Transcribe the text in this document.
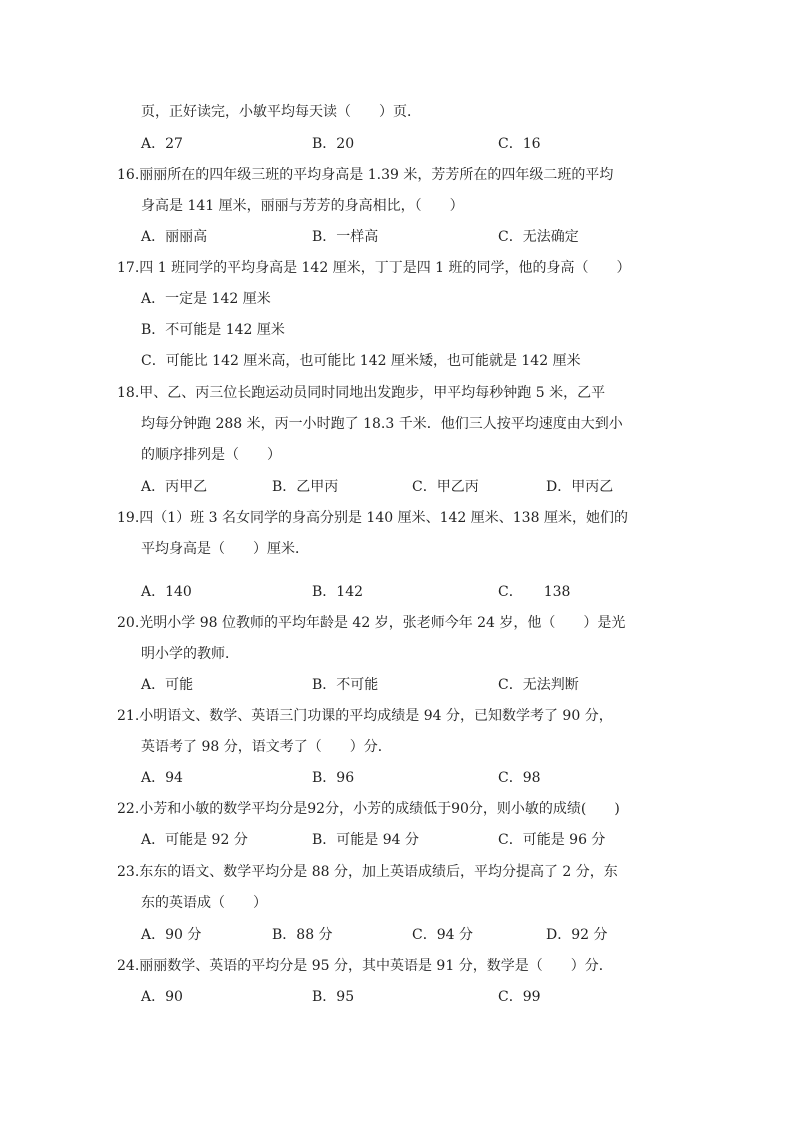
页，正好读完，小敏平均每天读（　　）页．
A．27	B．20	C．16
16.丽丽所在的四年级三班的平均身高是 1.39 米，芳芳所在的四年级二班的平均
身高是 141 厘米，丽丽与芳芳的身高相比，（　　）
A．丽丽高	B．一样高	C．无法确定
17.四 1 班同学的平均身高是 142 厘米，丁丁是四 1 班的同学，他的身高（　　）
A．一定是 142 厘米
B．不可能是 142 厘米
C．可能比 142 厘米高，也可能比 142 厘米矮，也可能就是 142 厘米
18.甲、乙、丙三位长跑运动员同时同地出发跑步，甲平均每秒钟跑 5 米，乙平
均每分钟跑 288 米，丙一小时跑了 18.3 千米．他们三人按平均速度由大到小
的顺序排列是（　　）
A．丙甲乙	B．乙甲丙	C．甲乙丙	D．甲丙乙
19.四（1）班 3 名女同学的身高分别是 140 厘米、142 厘米、138 厘米，她们的
平均身高是（　　）厘米．
A．140	B．142	C．　　138
20.光明小学 98 位教师的平均年龄是 42 岁，张老师今年 24 岁，他（　　）是光
明小学的教师．
A．可能	B．不可能	C．无法判断
21.小明语文、数学、英语三门功课的平均成绩是 94 分，已知数学考了 90 分，
英语考了 98 分，语文考了（　　）分．
A．94	B．96	C．98
22.小芳和小敏的数学平均分是92分，小芳的成绩低于90分，则小敏的成绩(　　)
A．可能是 92 分	B．可能是 94 分	C．可能是 96 分
23.东东的语文、数学平均分是 88 分，加上英语成绩后，平均分提高了 2 分，东
东的英语成（　　）
A．90 分	B．88 分	C．94 分	D．92 分
24.丽丽数学、英语的平均分是 95 分，其中英语是 91 分，数学是（　　）分．
A．90	B．95	C．99
